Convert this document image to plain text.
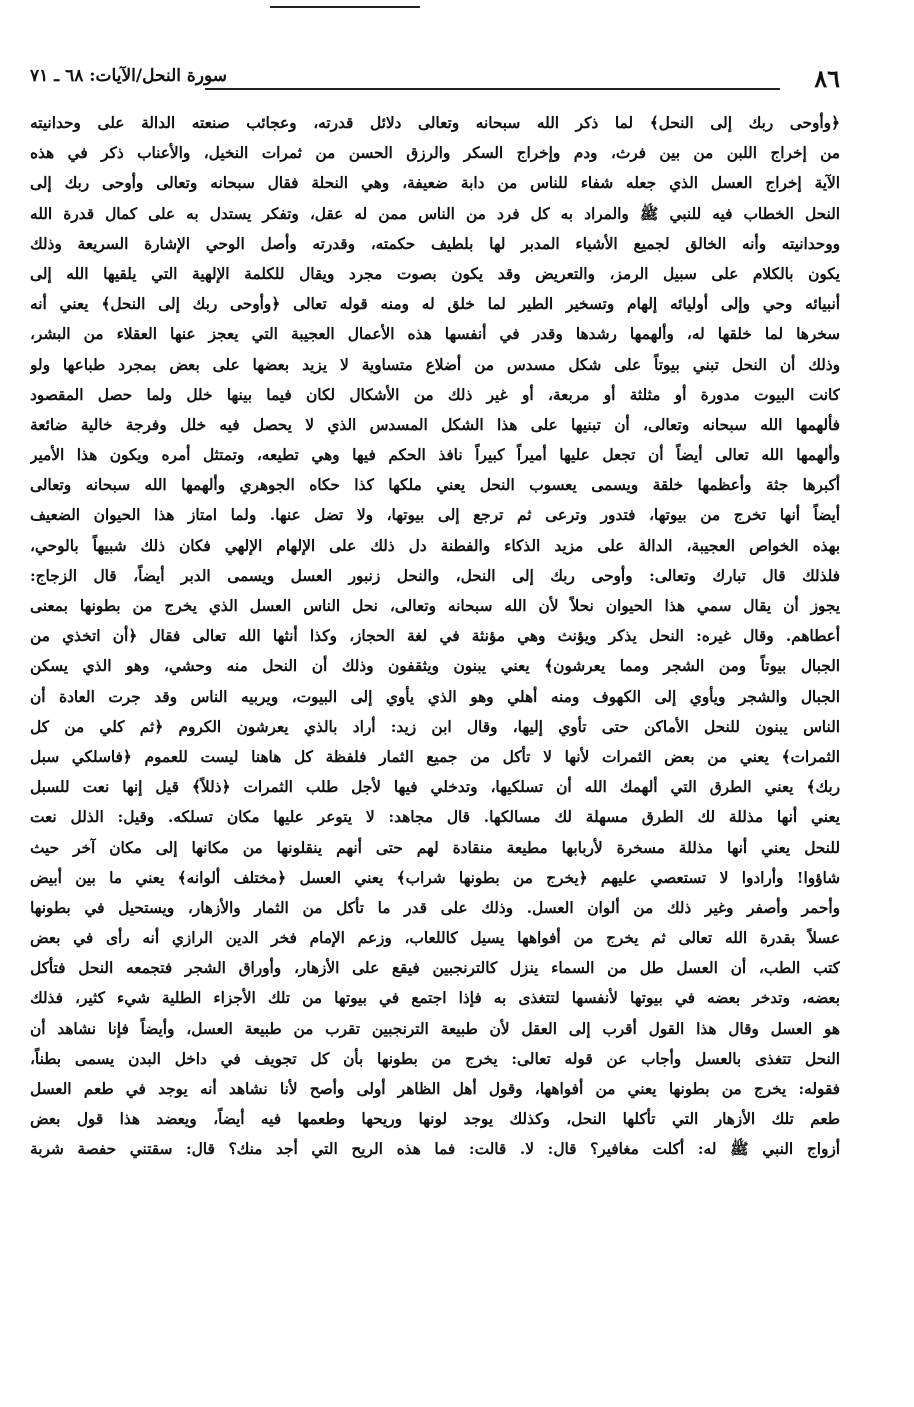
٨٦
سورة النحل/الآيات: ٦٨ ـ ٧١
﴿وأوحى ربك إلى النحل﴾ لما ذكر الله سبحانه وتعالى دلائل قدرته، وعجائب صنعته الدالة على وحدانيته
من إخراج اللبن من بين فرث، ودم وإخراج السكر والرزق الحسن من ثمرات النخيل، والأعناب ذكر في هذه
الآية إخراج العسل الذي جعله شفاء للناس من دابة ضعيفة، وهي النحلة فقال سبحانه وتعالى وأوحى ربك إلى
النحل الخطاب فيه للنبي ﷺ والمراد به كل فرد من الناس ممن له عقل، وتفكر يستدل به على كمال قدرة الله
ووحدانيته وأنه الخالق لجميع الأشياء المدبر لها بلطيف حكمته، وقدرته وأصل الوحي الإشارة السريعة وذلك
يكون بالكلام على سبيل الرمز، والتعريض وقد يكون بصوت مجرد ويقال للكلمة الإلهية التي يلقيها الله إلى
أنبيائه وحي وإلى أوليائه إلهام وتسخير الطير لما خلق له ومنه قوله تعالى ﴿وأوحى ربك إلى النحل﴾ يعني أنه
سخرها لما خلقها له، وألهمها رشدها وقدر في أنفسها هذه الأعمال العجيبة التي يعجز عنها العقلاء من البشر،
وذلك أن النحل تبني بيوتاً على شكل مسدس من أضلاع متساوية لا يزيد بعضها على بعض بمجرد طباعها ولو
كانت البيوت مدورة أو مثلثة أو مربعة، أو غير ذلك من الأشكال لكان فيما بينها خلل ولما حصل المقصود
فألهمها الله سبحانه وتعالى، أن تبنيها على هذا الشكل المسدس الذي لا يحصل فيه خلل وفرجة خالية ضائعة
وألهمها الله تعالى أيضاً أن تجعل عليها أميراً كبيراً نافذ الحكم فيها وهي تطيعه، وتمتثل أمره ويكون هذا الأمير
أكبرها جثة وأعظمها خلقة ويسمى يعسوب النحل يعني ملكها كذا حكاه الجوهري وألهمها الله سبحانه وتعالى
أيضاً أنها تخرج من بيوتها، فتدور وترعى ثم ترجع إلى بيوتها، ولا تضل عنها. ولما امتاز هذا الحيوان الضعيف
بهذه الخواص العجيبة، الدالة على مزيد الذكاء والفطنة دل ذلك على الإلهام الإلهي فكان ذلك شبيهاً بالوحي،
فلذلك قال تبارك وتعالى: وأوحى ربك إلى النحل، والنحل زنبور العسل ويسمى الدبر أيضاً، قال الزجاج:
يجوز أن يقال سمي هذا الحيوان نحلاً لأن الله سبحانه وتعالى، نحل الناس العسل الذي يخرج من بطونها بمعنى
أعطاهم. وقال غيره: النحل يذكر ويؤنث وهي مؤنثة في لغة الحجاز، وكذا أنثها الله تعالى فقال ﴿أن اتخذي من
الجبال بيوتاً ومن الشجر ومما يعرشون﴾ يعني يبنون ويثقفون وذلك أن النحل منه وحشي، وهو الذي يسكن
الجبال والشجر ويأوي إلى الكهوف ومنه أهلي وهو الذي يأوي إلى البيوت، ويربيه الناس وقد جرت العادة أن
الناس يبنون للنحل الأماكن حتى تأوي إليها، وقال ابن زيد: أراد بالذي يعرشون الكروم ﴿ثم كلي من كل
الثمرات﴾ يعني من بعض الثمرات لأنها لا تأكل من جميع الثمار فلفظة كل هاهنا ليست للعموم ﴿فاسلكي سبل
ربك﴾ يعني الطرق التي ألهمك الله أن تسلكيها، وتدخلي فيها لأجل طلب الثمرات ﴿ذللاً﴾ قيل إنها نعت للسبل
يعني أنها مذللة لك الطرق مسهلة لك مسالكها. قال مجاهد: لا يتوعر عليها مكان تسلكه. وقيل: الذلل نعت
للنحل يعني أنها مذللة مسخرة لأربابها مطيعة منقادة لهم حتى أنهم ينقلونها من مكانها إلى مكان آخر حيث
شاؤوا! وأرادوا لا تستعصي عليهم ﴿يخرج من بطونها شراب﴾ يعني العسل ﴿مختلف ألوانه﴾ يعني ما بين أبيض
وأحمر وأصفر وغير ذلك من ألوان العسل. وذلك على قدر ما تأكل من الثمار والأزهار، ويستحيل في بطونها
عسلاً بقدرة الله تعالى ثم يخرج من أفواهها يسيل كاللعاب، وزعم الإمام فخر الدين الرازي أنه رأى في بعض
كتب الطب، أن العسل طل من السماء ينزل كالترنجبين فيقع على الأزهار، وأوراق الشجر فتجمعه النحل فتأكل
بعضه، وتدخر بعضه في بيوتها لأنفسها لتتغذى به فإذا اجتمع في بيوتها من تلك الأجزاء الطلية شيء كثير، فذلك
هو العسل وقال هذا القول أقرب إلى العقل لأن طبيعة الترنجبين تقرب من طبيعة العسل، وأيضاً فإنا نشاهد أن
النحل تتغذى بالعسل وأجاب عن قوله تعالى: يخرج من بطونها بأن كل تجويف في داخل البدن يسمى بطناً،
فقوله: يخرج من بطونها يعني من أفواهها، وقول أهل الظاهر أولى وأصح لأنا نشاهد أنه يوجد في طعم العسل
طعم تلك الأزهار التي تأكلها النحل، وكذلك يوجد لونها وريحها وطعمها فيه أيضاً، ويعضد هذا قول بعض
أزواج النبي ﷺ له: أكلت مغافير؟ قال: لا. قالت: فما هذه الريح التي أجد منك؟ قال: سقتني حفصة شربة
